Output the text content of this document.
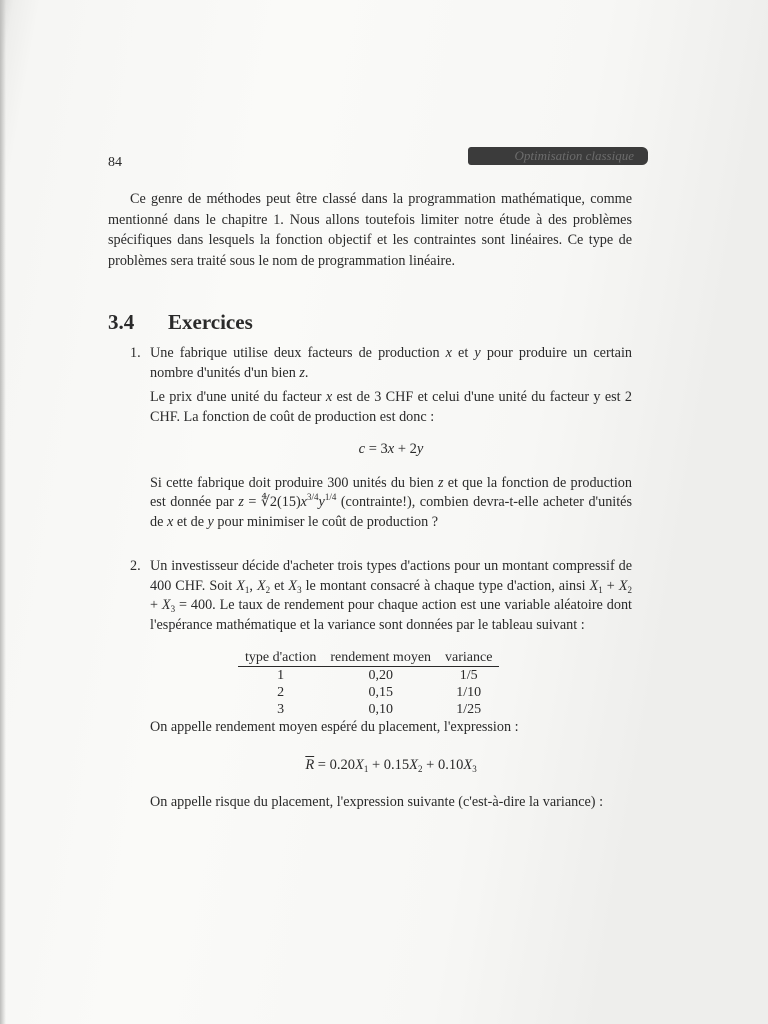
84	Optimisation classique

Ce genre de méthodes peut être classé dans la programmation mathématique, comme mentionné dans le chapitre 1. Nous allons toutefois limiter notre étude à des problèmes spécifiques dans lesquels la fonction objectif et les contraintes sont linéaires. Ce type de problèmes sera traité sous le nom de programmation linéaire.

3.4 Exercices
1. Une fabrique utilise deux facteurs de production x et y pour produire un certain nombre d'unités d'un bien z.

Le prix d'une unité du facteur x est de 3 CHF et celui d'une unité du facteur y est 2 CHF. La fonction de coût de production est donc :

c = 3x + 2y

Si cette fabrique doit produire 300 unités du bien z et que la fonction de production est donnée par $z = ∜2(15)x^{3/4}y^{1/4}$ (contrainte!), combien devra-t-elle acheter d'unités de x et de y pour minimiser le coût de production ?

2. Un investisseur décide d'acheter trois types d'actions pour un montant compressif de 400 CHF. Soit $X_1$, $X_2$ et $X_3$ le montant consacré à chaque type d'action, ainsi $X_1 + X_2 + X_3 = 400$. Le taux de rendement pour chaque action est une variable aléatoire dont l'espérance mathématique et la variance sont données par le tableau suivant :

type d'action	rendement moyen	variance
1	0,20	1/5
2	0,15	1/10
3	0,10	1/25

On appelle rendement moyen espéré du placement, l'expression :

$\overline{R} = 0.20X_1 + 0.15X_2 + 0.10X_3$

On appelle risque du placement, l'expression suivante (c'est-à-dire la variance) :
